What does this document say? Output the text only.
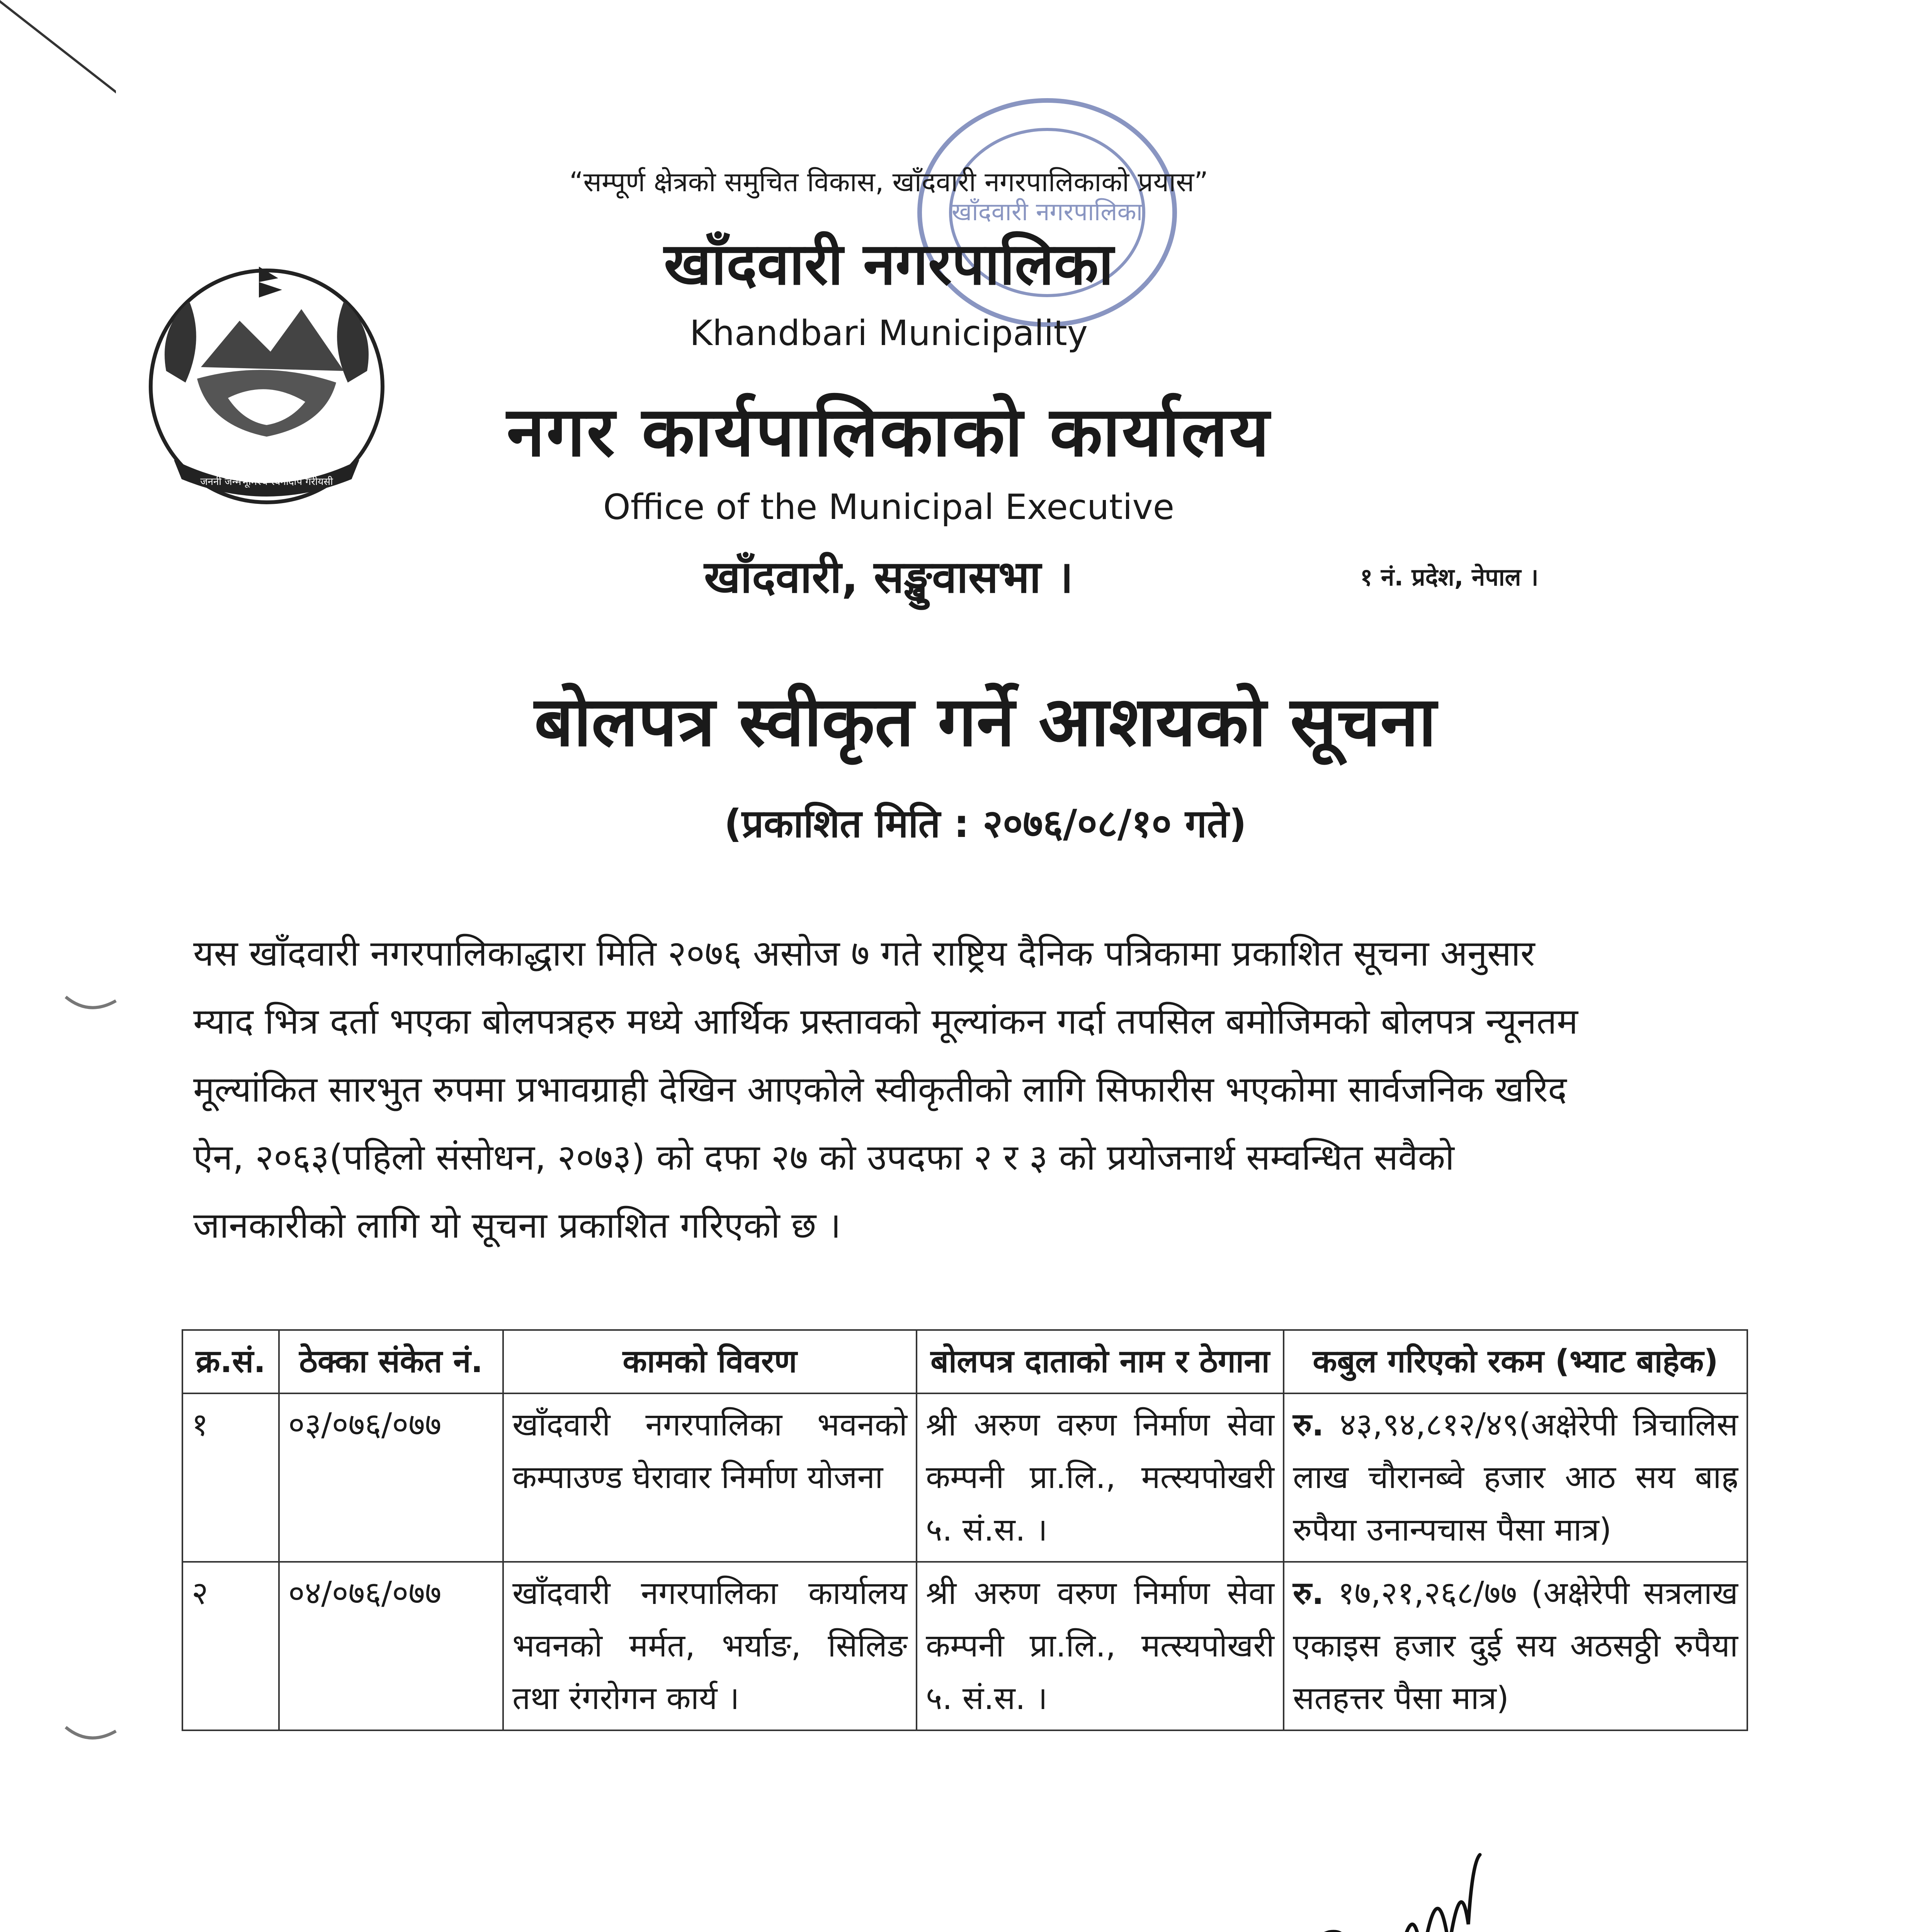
जननी जन्मभूमिश्च स्वर्गादपि गरीयसी
खाँदवारी नगरपालिका
“सम्पूर्ण क्षेत्रको समुचित विकास, खाँदवारी नगरपालिकाको प्रयास”
खाँदवारी नगरपालिका
Khandbari Municipality
नगर कार्यपालिकाको कार्यालय
Office of the Municipal Executive
खाँदवारी, सङ्खुवासभा ।	१ नं. प्रदेश, नेपाल ।
बोलपत्र स्वीकृत गर्ने आशयको सूचना
(प्रकाशित मिति : २०७६/०८/१० गते)
यस खाँदवारी नगरपालिकाद्धारा मिति २०७६ असोज ७ गते राष्ट्रिय दैनिक पत्रिकामा प्रकाशित सूचना अनुसार
म्याद भित्र दर्ता भएका बोलपत्रहरु मध्ये आर्थिक प्रस्तावको मूल्यांकन गर्दा तपसिल बमोजिमको बोलपत्र न्यूनतम
मूल्यांकित सारभुत रुपमा प्रभावग्राही देखिन आएकोले स्वीकृतीको लागि सिफारीस भएकोमा सार्वजनिक खरिद
ऐन, २०६३(पहिलो संसोधन, २०७३) को दफा २७ को उपदफा २ र ३ को प्रयोजनार्थ सम्वन्धित सवैको
जानकारीको लागि यो सूचना प्रकाशित गरिएको छ ।
क्र.सं.	ठेक्का संकेत नं.	कामको विवरण	बोलपत्र दाताको नाम र ठेगाना	कबुल गरिएको रकम (भ्याट बाहेक)
१	०३/०७६/०७७	खाँदवारी नगरपालिका भवनको कम्पाउण्ड घेरावार निर्माण योजना	श्री अरुण वरुण निर्माण सेवा कम्पनी प्रा.लि., मत्स्यपोखरी ५. सं.स. ।	रु. ४३,९४,८१२/४९(अक्षेरेपी त्रिचालिस लाख चौरानब्वे हजार आठ सय बाह्र रुपैया उनान्पचास पैसा मात्र)
२	०४/०७६/०७७	खाँदवारी नगरपालिका कार्यालय भवनको मर्मत, भर्याङ, सिलिङ तथा रंगरोगन कार्य ।	श्री अरुण वरुण निर्माण सेवा कम्पनी प्रा.लि., मत्स्यपोखरी ५. सं.स. ।	रु. १७,२१,२६८/७७ (अक्षेरेपी सत्रलाख एकाइस हजार दुई सय अठसठ्ठी रुपैया सतहत्तर पैसा मात्र)
